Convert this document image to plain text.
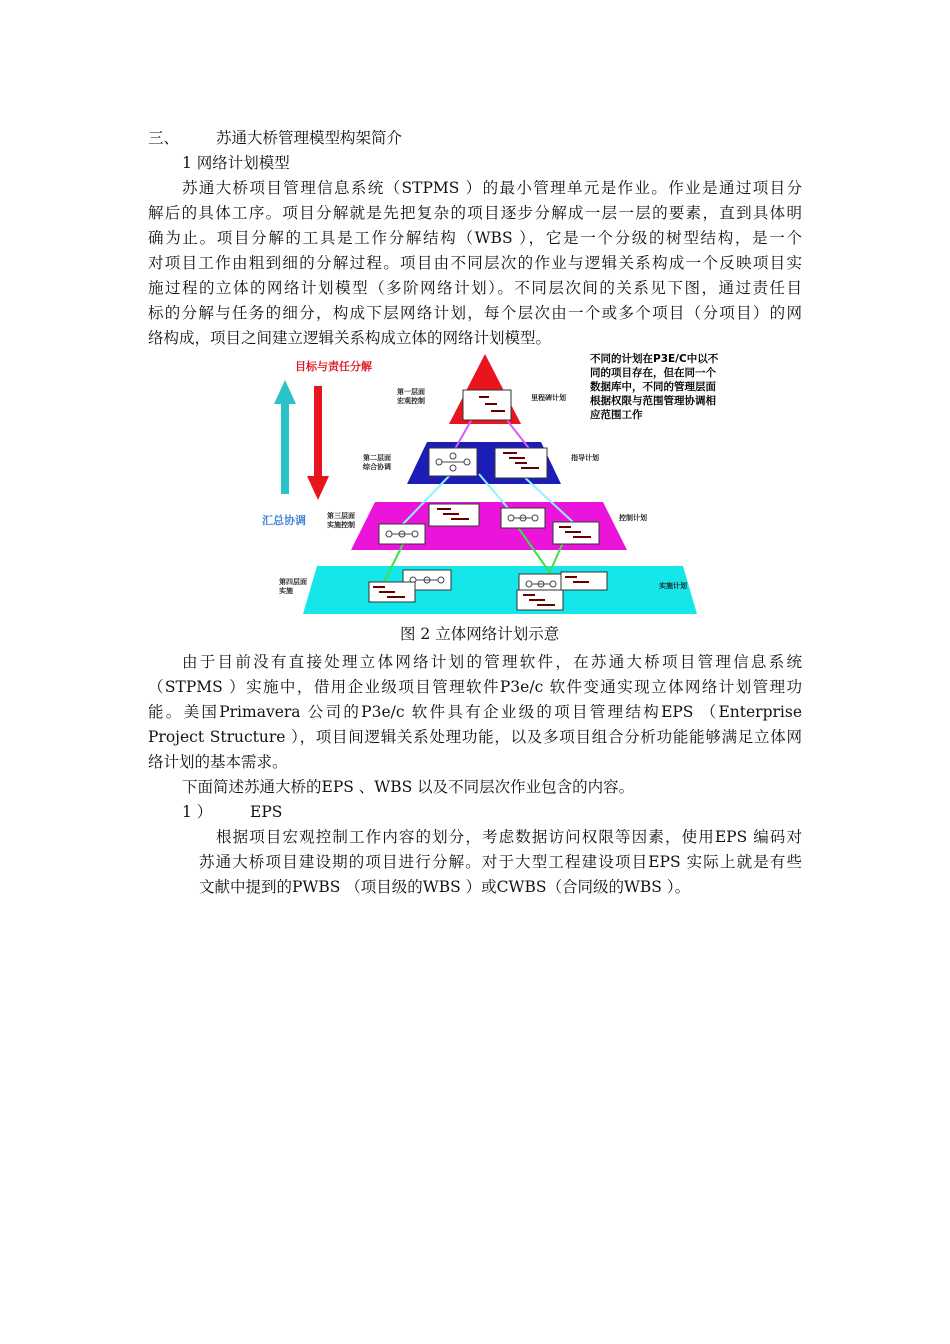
三、 苏通大桥管理模型构架简介
1 网络计划模型
苏通大桥项目管理信息系统（STPMS ）的最小管理单元是作业。作业是通过项目分
解后的具体工序。项目分解就是先把复杂的项目逐步分解成一层一层的要素，直到具体明
确为止。项目分解的工具是工作分解结构（WBS ），它是一个分级的树型结构，是一个
对项目工作由粗到细的分解过程。项目由不同层次的作业与逻辑关系构成一个反映项目实
施过程的立体的网络计划模型（多阶网络计划）。不同层次间的关系见下图，通过责任目
标的分解与任务的细分，构成下层网络计划，每个层次由一个或多个项目（分项目）的网
络构成，项目之间建立逻辑关系构成立体的网络计划模型。
第一层面
宏观控制
第二层面
综合协调
第三层面
实施控制
第四层面
实施
里程碑计划
指导计划
控制计划
实施计划
目标与责任分解
汇总协调
不同的计划在P3E/C中以不同的项目存在，但在同一个数据库中，不同的管理层面根据权限与范围管理协调相应范围工作
图 2 立体网络计划示意
由于目前没有直接处理立体网络计划的管理软件，在苏通大桥项目管理信息系统
（STPMS ）实施中，借用企业级项目管理软件P3e/c 软件变通实现立体网络计划管理功
能。美国Primavera 公司的P3e/c 软件具有企业级的项目管理结构EPS （Enterprise
Project Structure ），项目间逻辑关系处理功能，以及多项目组合分析功能能够满足立体网
络计划的基本需求。
下面简述苏通大桥的EPS 、WBS 以及不同层次作业包含的内容。
1 ） EPS
根据项目宏观控制工作内容的划分，考虑数据访问权限等因素，使用EPS 编码对
苏通大桥项目建设期的项目进行分解。对于大型工程建设项目EPS 实际上就是有些
文献中提到的PWBS （项目级的WBS ）或CWBS（合同级的WBS ）。
